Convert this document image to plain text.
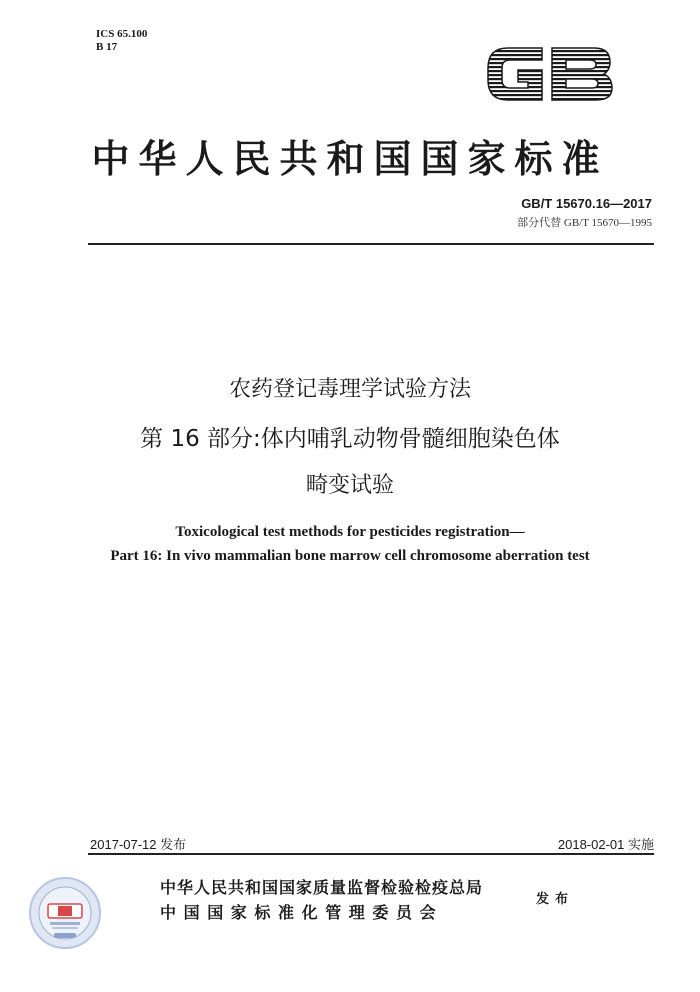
ICS 65.100
B 17
中华人民共和国国家标准
GB/T 15670.16—2017
部分代替 GB/T 15670—1995
农药登记毒理学试验方法
第 16 部分:体内哺乳动物骨髓细胞染色体
畸变试验
Toxicological test methods for pesticides registration—
Part 16: In vivo mammalian bone marrow cell chromosome aberration test
2017-07-12 发布	2018-02-01 实施
中华人民共和国国家质量监督检验检疫总局
中国国家标准化管理委员会
发布
